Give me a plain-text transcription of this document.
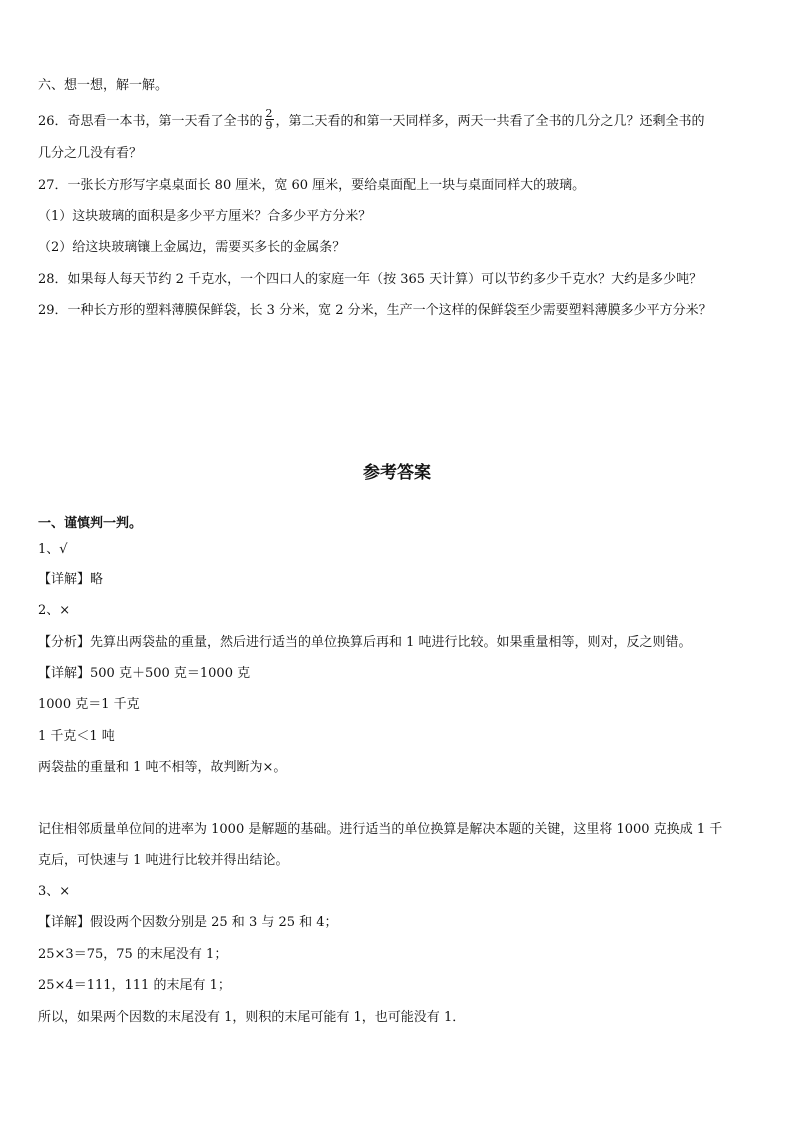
六、想一想，解一解。
26．奇思看一本书，第一天看了全书的 $\frac{2}{9}$ ，第二天看的和第一天同样多，两天一共看了全书的几分之几？还剩全书的
几分之几没有看？
27．一张长方形写字桌桌面长 80 厘米，宽 60 厘米，要给桌面配上一块与桌面同样大的玻璃。
（1）这块玻璃的面积是多少平方厘米？合多少平方分米？
（2）给这块玻璃镶上金属边，需要买多长的金属条？
28．如果每人每天节约 2 千克水，一个四口人的家庭一年（按 365 天计算）可以节约多少千克水？大约是多少吨？
29．一种长方形的塑料薄膜保鲜袋，长 3 分米，宽 2 分米，生产一个这样的保鲜袋至少需要塑料薄膜多少平方分米？
参考答案
一、谨慎判一判。
1、√
【详解】略
2、×
【分析】先算出两袋盐的重量，然后进行适当的单位换算后再和 1 吨进行比较。如果重量相等，则对，反之则错。
【详解】500 克＋500 克＝1000 克
1000 克＝1 千克
1 千克＜1 吨
两袋盐的重量和 1 吨不相等，故判断为×。
记住相邻质量单位间的进率为 1000 是解题的基础。进行适当的单位换算是解决本题的关键，这里将 1000 克换成 1 千
克后，可快速与 1 吨进行比较并得出结论。
3、×
【详解】假设两个因数分别是 25 和 3 与 25 和 4；
25×3＝75，75 的末尾没有 1；
25×4＝111，111 的末尾有 1；
所以，如果两个因数的末尾没有 1，则积的末尾可能有 1，也可能没有 1．
